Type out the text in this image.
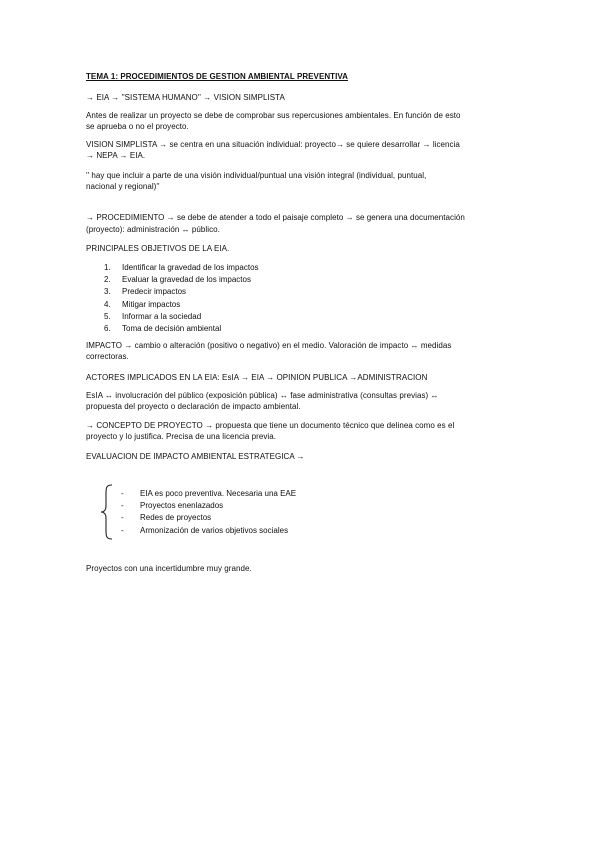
TEMA 1: PROCEDIMIENTOS DE GESTION AMBIENTAL PREVENTIVA
→ EIA → ''SISTEMA HUMANO'' → VISION SIMPLISTA
Antes de realizar un proyecto se debe de comprobar sus repercusiones ambientales. En función de esto
se aprueba o no el proyecto.
VISION SIMPLISTA → se centra en una situación individual: proyecto→ se quiere desarrollar → licencia
→ NEPA → EIA.
'' hay que incluir a parte de una visión individual/puntual una visión integral (individual, puntual,
nacional y regional)''
→ PROCEDIMIENTO → se debe de atender a todo el paisaje completo → se genera una documentación
(proyecto): administración ↔ público.
PRINCIPALES OBJETIVOS DE LA EIA.
1. Identificar la gravedad de los impactos
2. Evaluar la gravedad de los impactos
3. Predecir impactos
4. Mitigar impactos
5. Informar a la sociedad
6. Toma de decisión ambiental
IMPACTO → cambio o alteración (positivo o negativo) en el medio. Valoración de impacto ↔ medidas
correctoras.
ACTORES IMPLICADOS EN LA EIA: EsIA → EIA → OPINION PUBLICA →ADMINISTRACION
EsIA ↔ involucración del público (exposición pública) ↔ fase administrativa (consultas previas) ↔
propuesta del proyecto o declaración de impacto ambiental.
→ CONCEPTO DE PROYECTO → propuesta que tiene un documento técnico que delinea como es el
proyecto y lo justifica. Precisa de una licencia previa.
EVALUACION DE IMPACTO AMBIENTAL ESTRATEGICA →
- EIA es poco preventiva. Necesaria una EAE
- Proyectos enenlazados
- Redes de proyectos
- Armonización de varios objetivos sociales
Proyectos con una incertidumbre muy grande.
